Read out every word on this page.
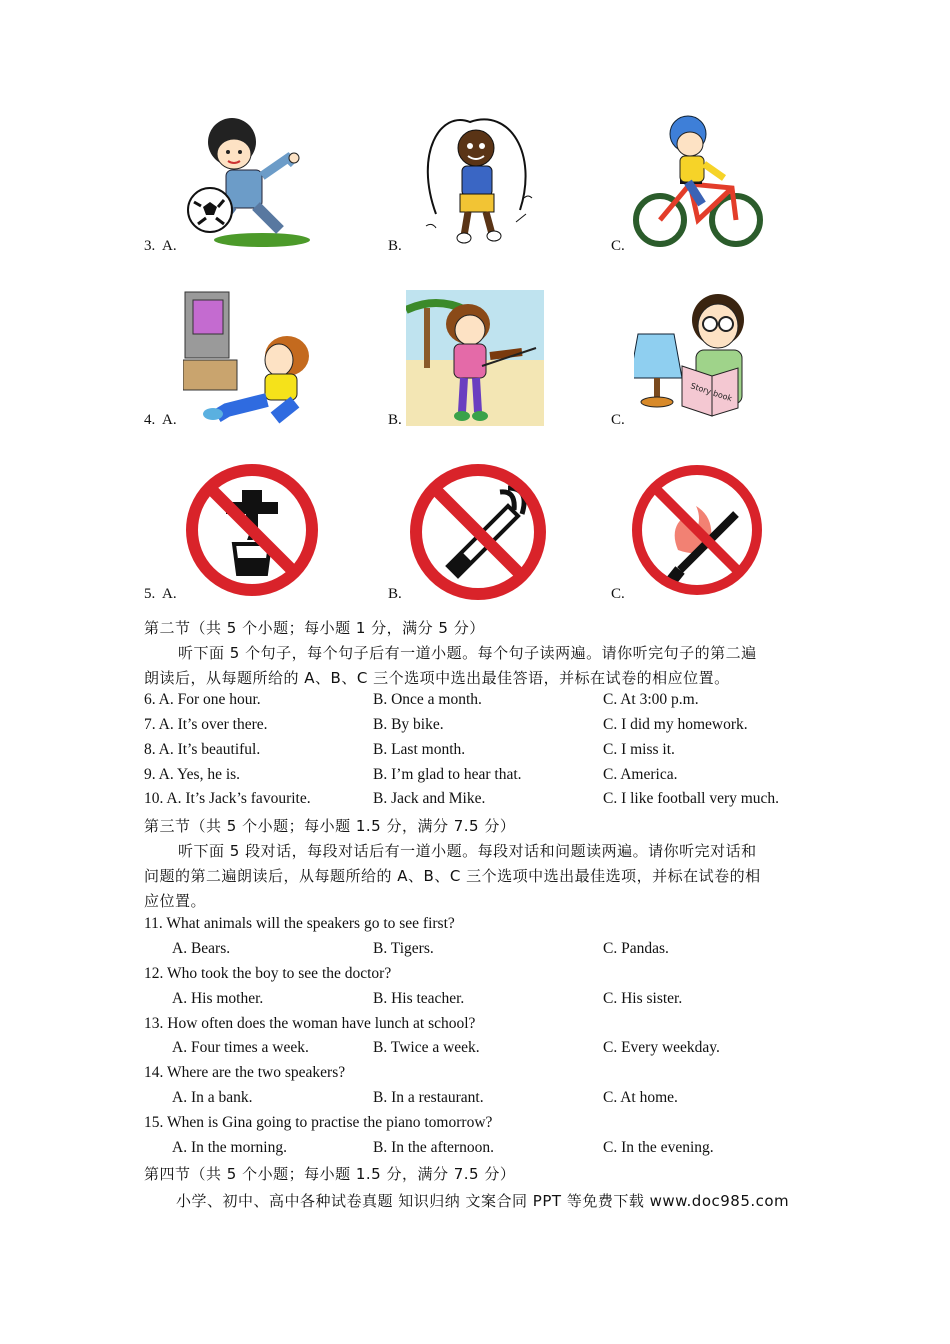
3. A.	B.	C.
4. A.	B.	C.
Story book
5. A.	B.	C.
第二节（共 5 个小题；每小题 1 分，满分 5 分）
听下面 5 个句子，每个句子后有一道小题。每个句子读两遍。请你听完句子的第二遍
朗读后，从每题所给的 A、B、C 三个选项中选出最佳答语，并标在试卷的相应位置。
6. A. For one hour.	B. Once a month.	C. At 3:00 p.m.
7. A. It’s over there.	B. By bike.	C. I did my homework.
8. A. It’s beautiful.	B. Last month.	C. I miss it.
9. A. Yes, he is.	B. I’m glad to hear that.	C. America.
10. A. It’s Jack’s favourite.	B. Jack and Mike.	C. I like football very much.
第三节（共 5 个小题；每小题 1.5 分，满分 7.5 分）
听下面 5 段对话，每段对话后有一道小题。每段对话和问题读两遍。请你听完对话和
问题的第二遍朗读后，从每题所给的 A、B、C 三个选项中选出最佳选项，并标在试卷的相
应位置。
11. What animals will the speakers go to see first?
A. Bears.	B. Tigers.	C. Pandas.
12. Who took the boy to see the doctor?
A. His mother.	B. His teacher.	C. His sister.
13. How often does the woman have lunch at school?
A. Four times a week.	B. Twice a week.	C. Every weekday.
14. Where are the two speakers?
A. In a bank.	B. In a restaurant.	C. At home.
15. When is Gina going to practise the piano tomorrow?
A. In the morning.	B. In the afternoon.	C. In the evening.
第四节（共 5 个小题；每小题 1.5 分，满分 7.5 分）
小学、初中、高中各种试卷真题 知识归纳 文案合同 PPT 等免费下载 www.doc985.com
